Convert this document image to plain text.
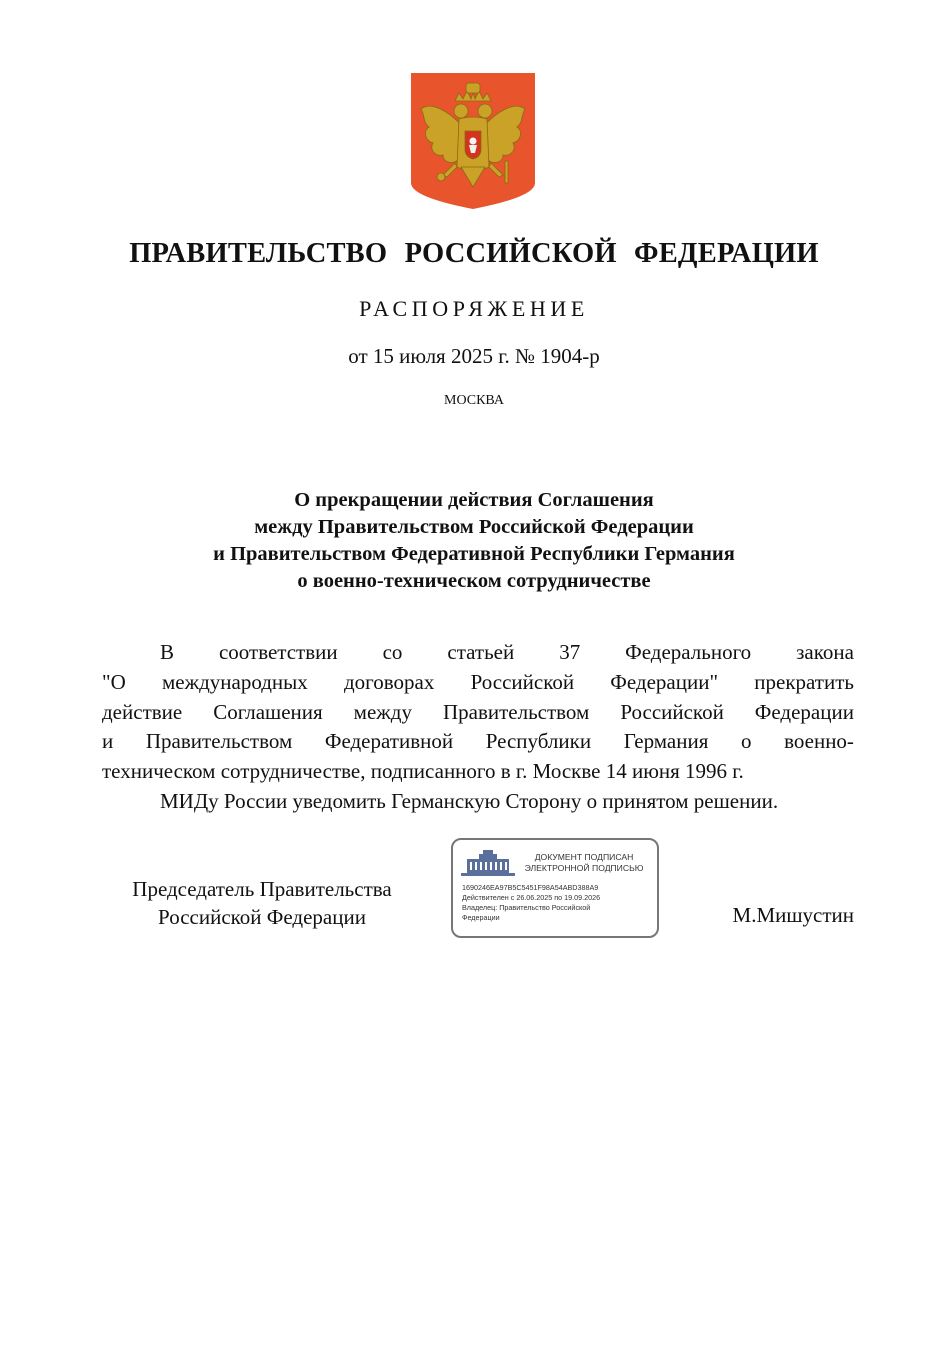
ПРАВИТЕЛЬСТВО РОССИЙСКОЙ ФЕДЕРАЦИИ
РАСПОРЯЖЕНИЕ
от 15 июля 2025 г. № 1904-р
МОСКВА
О прекращении действия Соглашения
между Правительством Российской Федерации
и Правительством Федеративной Республики Германия
о военно-техническом сотрудничестве
В соответствии со статьей 37 Федерального закона
"О международных договорах Российской Федерации" прекратить
действие Соглашения между Правительством Российской Федерации
и Правительством Федеративной Республики Германия о военно-
техническом сотрудничестве, подписанного в г. Москве 14 июня 1996 г.
МИДу России уведомить Германскую Сторону о принятом решении.
Председатель Правительства
Российской Федерации
ДОКУМЕНТ ПОДПИСАН
ЭЛЕКТРОННОЙ ПОДПИСЬЮ
1690246EA97B5C5451F98A54ABD388A9
Действителен с 26.06.2025 по 19.09.2026
Владелец: Правительство Российской
Федерации	М.Мишустин
